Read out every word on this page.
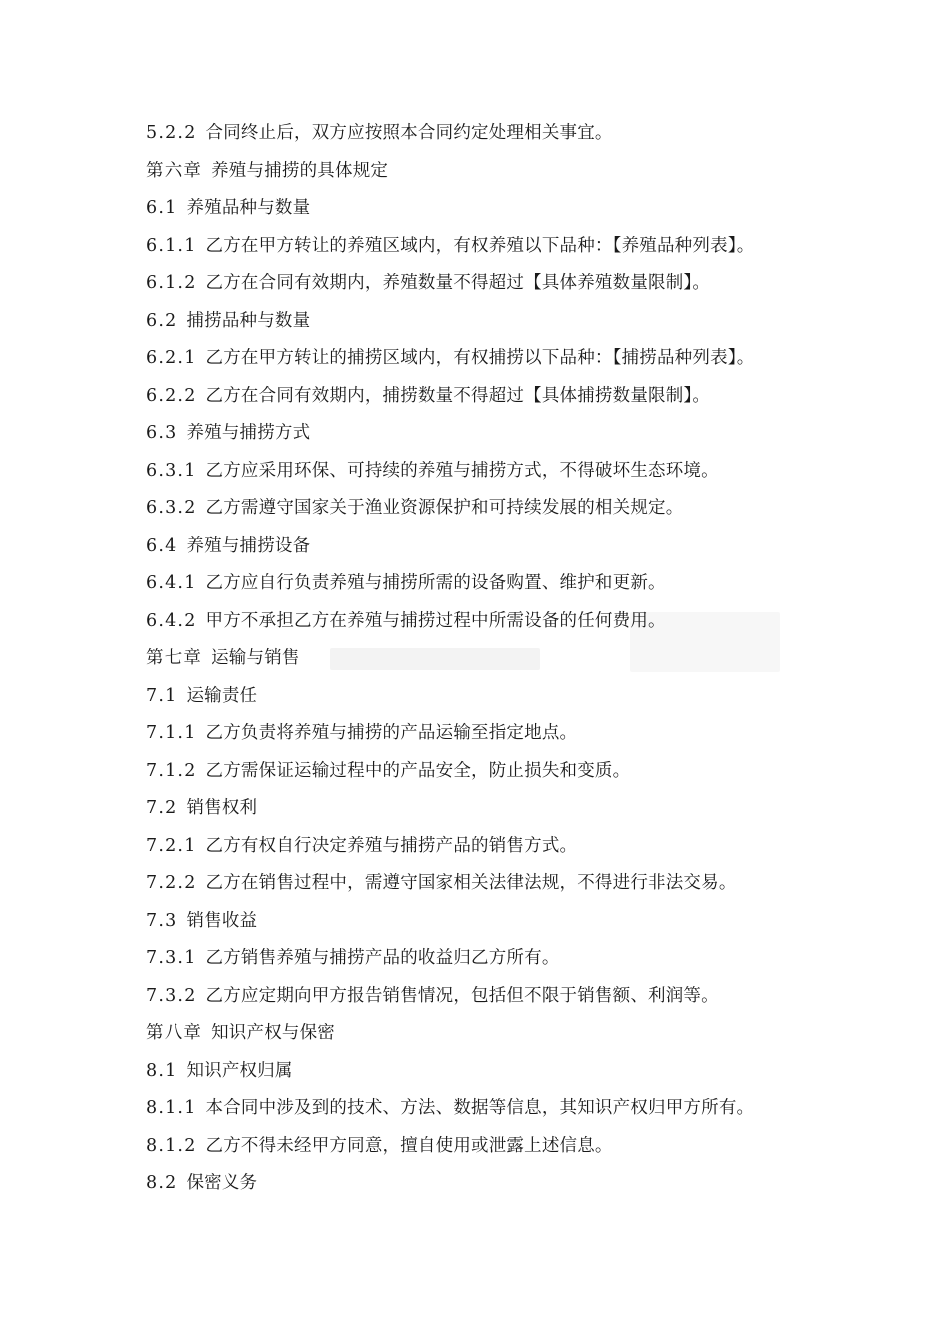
5.2.2 合同终止后，双方应按照本合同约定处理相关事宜。
第六章 养殖与捕捞的具体规定
6.1 养殖品种与数量
6.1.1 乙方在甲方转让的养殖区域内，有权养殖以下品种：【养殖品种列表】。
6.1.2 乙方在合同有效期内，养殖数量不得超过【具体养殖数量限制】。
6.2 捕捞品种与数量
6.2.1 乙方在甲方转让的捕捞区域内，有权捕捞以下品种：【捕捞品种列表】。
6.2.2 乙方在合同有效期内，捕捞数量不得超过【具体捕捞数量限制】。
6.3 养殖与捕捞方式
6.3.1 乙方应采用环保、可持续的养殖与捕捞方式，不得破坏生态环境。
6.3.2 乙方需遵守国家关于渔业资源保护和可持续发展的相关规定。
6.4 养殖与捕捞设备
6.4.1 乙方应自行负责养殖与捕捞所需的设备购置、维护和更新。
6.4.2 甲方不承担乙方在养殖与捕捞过程中所需设备的任何费用。
第七章 运输与销售
7.1 运输责任
7.1.1 乙方负责将养殖与捕捞的产品运输至指定地点。
7.1.2 乙方需保证运输过程中的产品安全，防止损失和变质。
7.2 销售权利
7.2.1 乙方有权自行决定养殖与捕捞产品的销售方式。
7.2.2 乙方在销售过程中，需遵守国家相关法律法规，不得进行非法交易。
7.3 销售收益
7.3.1 乙方销售养殖与捕捞产品的收益归乙方所有。
7.3.2 乙方应定期向甲方报告销售情况，包括但不限于销售额、利润等。
第八章 知识产权与保密
8.1 知识产权归属
8.1.1 本合同中涉及到的技术、方法、数据等信息，其知识产权归甲方所有。
8.1.2 乙方不得未经甲方同意，擅自使用或泄露上述信息。
8.2 保密义务
